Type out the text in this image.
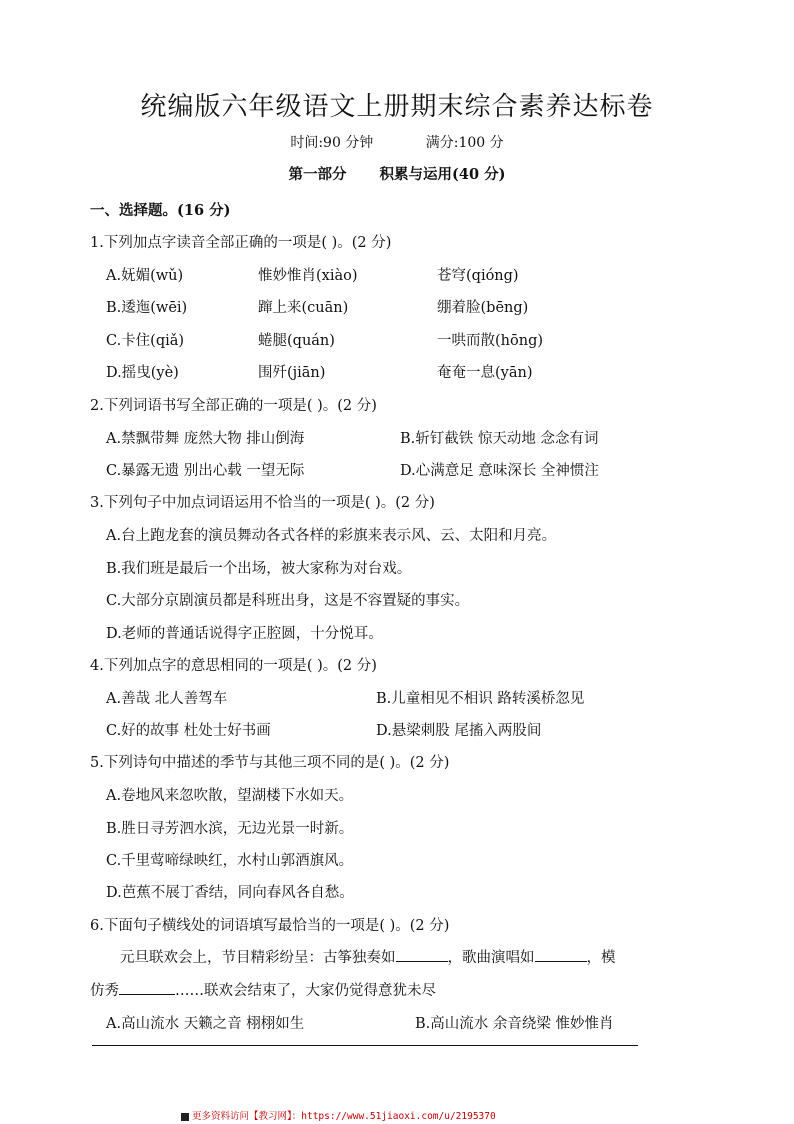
统编版六年级语文上册期末综合素养达标卷
时间:90 分钟	满分:100 分
第一部分 积累与运用(40 分)
一、选择题。(16 分)
1.下列加点字读音全部正确的一项是( )。(2 分)
A.妩媚(wǔ)	惟妙惟肖(xiào)	苍穹(qióng)
B.逶迤(wēi)	蹿上来(cuān)	绷着脸(bēng)
C.卡住(qiǎ)	蜷腿(quán)	一哄而散(hōng)
D.摇曳(yè)	围歼(jiān)	奄奄一息(yān)
2.下列词语书写全部正确的一项是( )。(2 分)
A.禁飘带舞 庞然大物 排山倒海	B.斩钉截铁 惊天动地 念念有词
C.暴露无遗 别出心载 一望无际	D.心满意足 意味深长 全神惯注
3.下列句子中加点词语运用不恰当的一项是( )。(2 分)
A.台上跑龙套的演员舞动各式各样的彩旗来表示风、云、太阳和月亮。
B.我们班是最后一个出场，被大家称为对台戏。
C.大部分京剧演员都是科班出身，这是不容置疑的事实。
D.老师的普通话说得字正腔圆，十分悦耳。
4.下列加点字的意思相同的一项是( )。(2 分)
A.善哉 北人善驾车	B.儿童相见不相识 路转溪桥忽见
C.好的故事 杜处士好书画	D.悬梁刺股 尾搐入两股间
5.下列诗句中描述的季节与其他三项不同的是( )。(2 分)
A.卷地风来忽吹散，望湖楼下水如天。
B.胜日寻芳泗水滨，无边光景一时新。
C.千里莺啼绿映红，水村山郭酒旗风。
D.芭蕉不展丁香结，同向春风各自愁。
6.下面句子横线处的词语填写最恰当的一项是( )。(2 分)
元旦联欢会上，节目精彩纷呈：古筝独奏如	，歌曲演唱如	，模
仿秀	……联欢会结束了，大家仍觉得意犹未尽
A.高山流水 天籁之音 栩栩如生	B.高山流水 余音绕梁 惟妙惟肖
更多资料访问【教习网】：https://www.51jiaoxi.com/u/2195370
